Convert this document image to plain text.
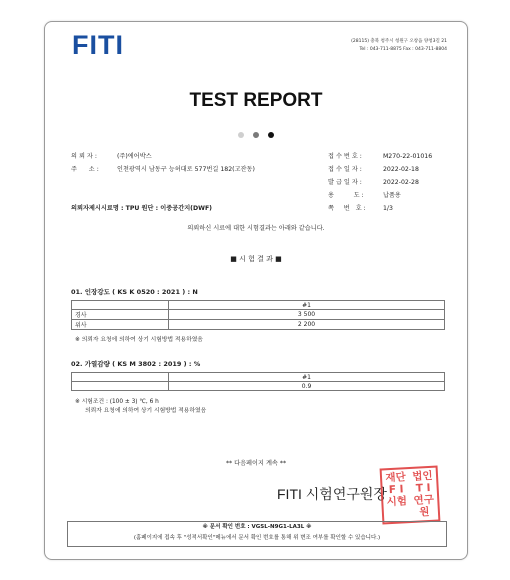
FITI	(28115) 충북 청주시 청원구 오창읍 양청3길 21
Tel : 043-711-8875 Fax : 043-711-8804
TEST REPORT

의 뢰 자 :	(주)에어박스
주      소 :	인천광역시 남동구 능허대로 577번길 182(고잔동)
접 수 번 호 :	M270-22-01016
접 수 일 자 :	2022-02-18
발 급 일 자 :	2022-02-28
용          도 :	납품용
쪽     번   호 :	1/3
의뢰자제시시료명 : TPU 원단 : 이중공간지(DWF)
의뢰하신 시료에 대한 시험결과는 아래와 같습니다.
■ 시 험 결 과 ■
01. 인장강도 ( KS K 0520 : 2021 ) : N
	#1
경사	3 500
위사	2 200
※ 의뢰자 요청에 의하여 상기 시험방법 적용하였음
02. 가열감량 ( KS M 3802 : 2019 ) : %
	#1
	0.9
※ 시험조건 : (100 ± 3) ℃, 6 h
의뢰자 요청에 의하여 상기 시험방법 적용하였음
** 다음페이지 계속 **
FITI 시험연구원장
재단 법인
F I	T I
시험 연구원
※ 문서 확인 번호 : VGSL-N9G1-LA3L ※
(홈페이지에 접속 후 "성적서확인"메뉴에서 문서 확인 번호를 통해 위 변조 여부를 확인할 수 있습니다.)
